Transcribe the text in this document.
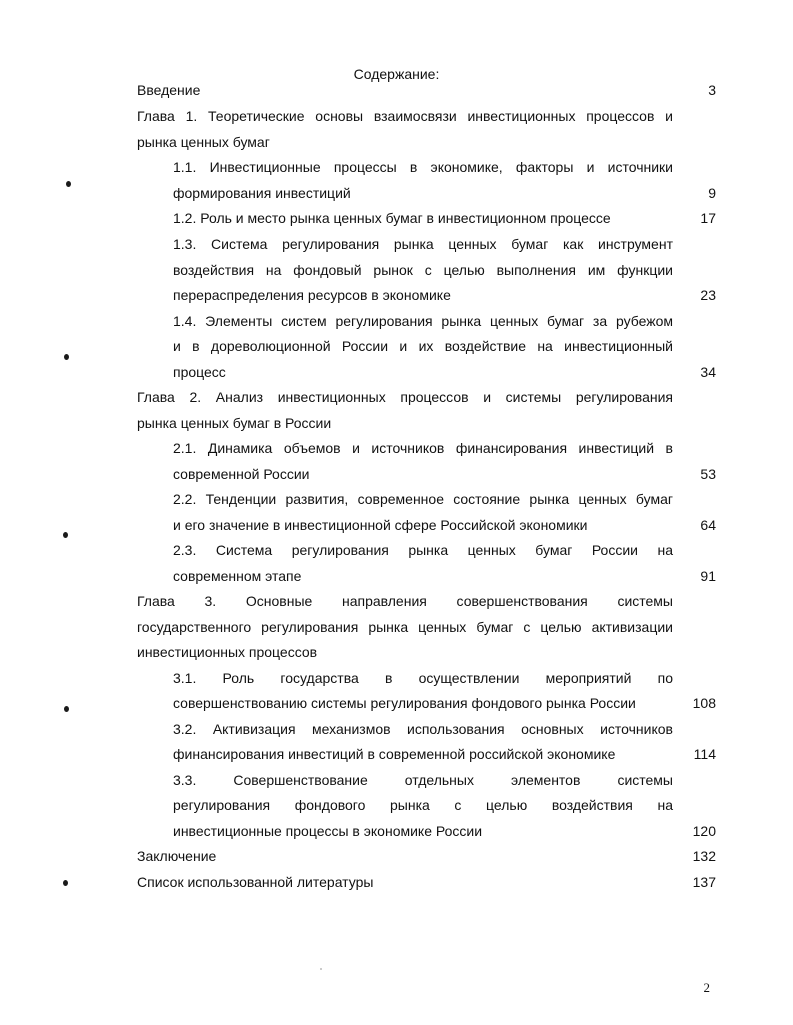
Содержание:
Введение	3
Глава 1. Теоретические основы взаимосвязи инвестиционных процессов и
рынка ценных бумаг
1.1. Инвестиционные процессы в экономике, факторы и источники
формирования инвестиций	9
1.2. Роль и место рынка ценных бумаг в инвестиционном процессе	17
1.3. Система регулирования рынка ценных бумаг как инструмент
воздействия на фондовый рынок с целью выполнения им функции
перераспределения ресурсов в экономике	23
1.4. Элементы систем регулирования рынка ценных бумаг за рубежом
и в дореволюционной России и их воздействие на инвестиционный
процесс	34
Глава 2. Анализ инвестиционных процессов и системы регулирования
рынка ценных бумаг в России
2.1. Динамика объемов и источников финансирования инвестиций в
современной России	53
2.2. Тенденции развития, современное состояние рынка ценных бумаг
и его значение в инвестиционной сфере Российской экономики	64
2.3. Система регулирования рынка ценных бумаг России на
современном этапе	91
Глава 3. Основные направления совершенствования системы
государственного регулирования рынка ценных бумаг с целью активизации
инвестиционных процессов
3.1. Роль государства в осуществлении мероприятий по
совершенствованию системы регулирования фондового рынка России	108
3.2. Активизация механизмов использования основных источников
финансирования инвестиций в современной российской экономике	114
3.3. Совершенствование отдельных элементов системы
регулирования фондового рынка с целью воздействия на
инвестиционные процессы в экономике России	120
Заключение	132
Список использованной литературы	137
2
